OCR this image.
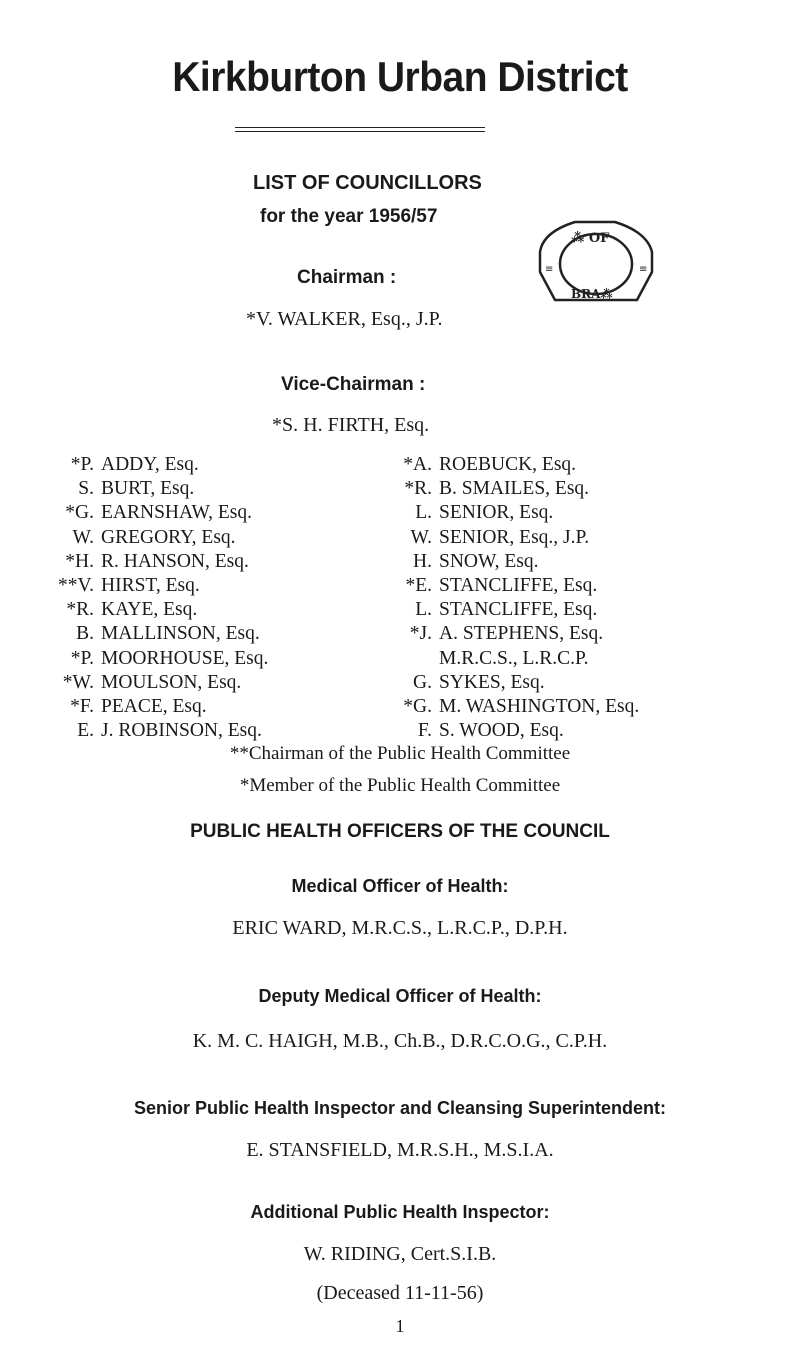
Kirkburton Urban District
LIST OF COUNCILLORS
for the year 1956/57
Chairman :
*V. WALKER, Esq., J.P.
⁂ OF
BRA⁂
≡	≡
Vice-Chairman :
*S. H. FIRTH, Esq.
*P. ADDY, Esq.
S. BURT, Esq.
*G. EARNSHAW, Esq.
W. GREGORY, Esq.
*H. R. HANSON, Esq.
**V. HIRST, Esq.
*R. KAYE, Esq.
B. MALLINSON, Esq.
*P. MOORHOUSE, Esq.
*W. MOULSON, Esq.
*F. PEACE, Esq.
E. J. ROBINSON, Esq.
*A. ROEBUCK, Esq.
*R. B. SMAILES, Esq.
L. SENIOR, Esq.
W. SENIOR, Esq., J.P.
H. SNOW, Esq.
*E. STANCLIFFE, Esq.
L. STANCLIFFE, Esq.
*J. A. STEPHENS, Esq.
M.R.C.S., L.R.C.P.
G. SYKES, Esq.
*G. M. WASHINGTON, Esq.
F. S. WOOD, Esq.
**Chairman of the Public Health Committee
*Member of the Public Health Committee
PUBLIC HEALTH OFFICERS OF THE COUNCIL
Medical Officer of Health:
ERIC WARD, M.R.C.S., L.R.C.P., D.P.H.
Deputy Medical Officer of Health:
K. M. C. HAIGH, M.B., Ch.B., D.R.C.O.G., C.P.H.
Senior Public Health Inspector and Cleansing Superintendent:
E. STANSFIELD, M.R.S.H., M.S.I.A.
Additional Public Health Inspector:
W. RIDING, Cert.S.I.B.
(Deceased 11-11-56)
1
